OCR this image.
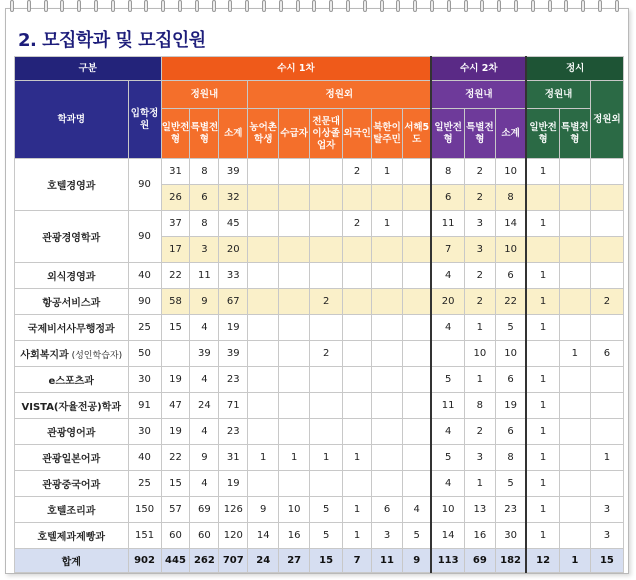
2. 모집학과 및 모집인원
구분		수시 1차									수시 2차			정시		
학과명	입학정원	정원내			정원외						정원내			정원내		정원외
		일반전형	특별전형	소계	농어촌학생	수급자	전문대이상졸업자	외국인	북한이탈주민	서해5도	일반전형	특별전형	소계	일반전형	특별전형	
호텔경영과	90	31	8	39				2	1		8	2	10	1		
		26	6	32							6	2	8			
관광경영학과	90	37	8	45				2	1		11	3	14	1		
		17	3	20							7	3	10			
외식경영과	40	22	11	33							4	2	6	1		
항공서비스과	90	58	9	67			2				20	2	22	1		2
국제비서사무행정과	25	15	4	19							4	1	5	1		
사회복지과 (성인학습자)	50		39	39			2					10	10		1	6
e스포츠과	30	19	4	23							5	1	6	1		
VISTA(자율전공)학과	91	47	24	71							11	8	19	1		
관광영어과	30	19	4	23							4	2	6	1		
관광일본어과	40	22	9	31	1	1	1	1			5	3	8	1		1
관광중국어과	25	15	4	19							4	1	5	1		
호텔조리과	150	57	69	126	9	10	5	1	6	4	10	13	23	1		3
호텔제과제빵과	151	60	60	120	14	16	5	1	3	5	14	16	30	1		3
합계	902	445	262	707	24	27	15	7	11	9	113	69	182	12	1	15
